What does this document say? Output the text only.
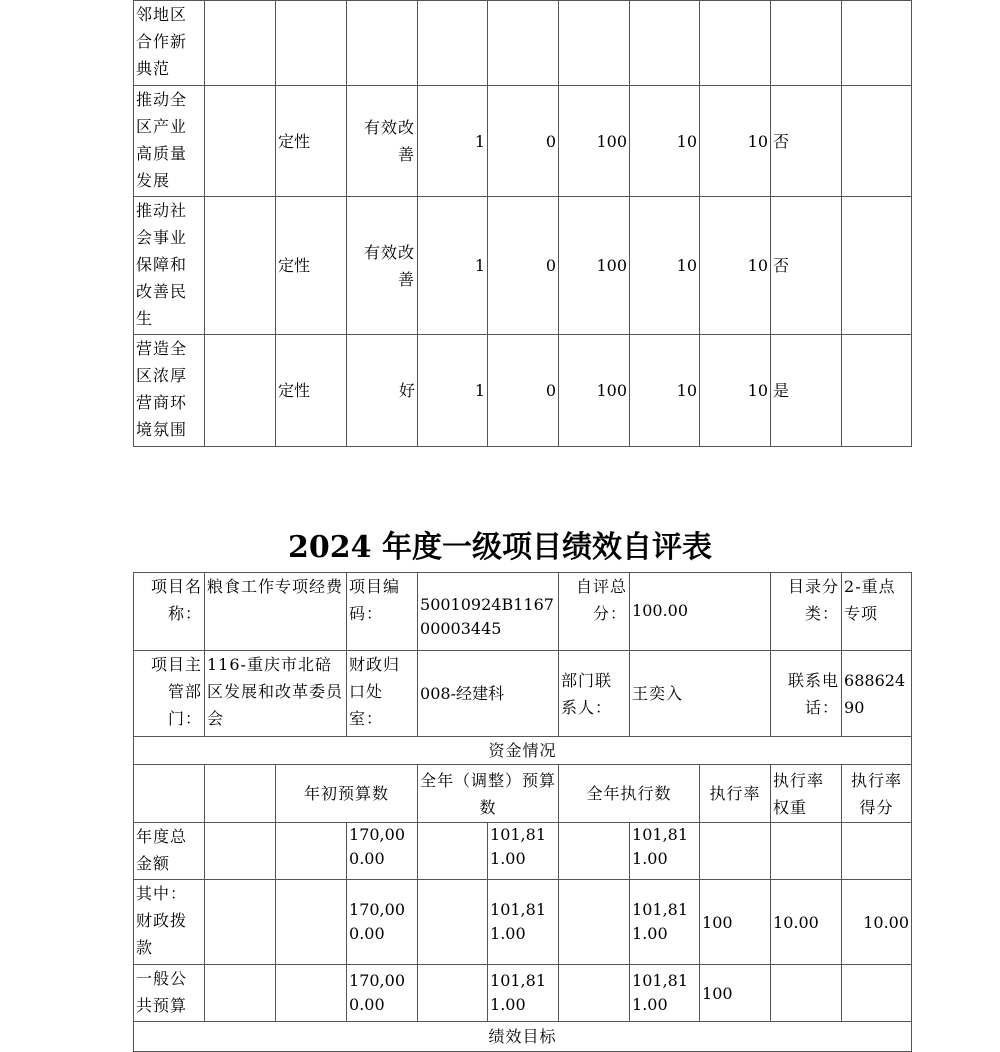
邻地区合作新典范										
推动全区产业高质量发展		定性	有效改善	1	0	100	10	10	否	
推动社会事业保障和改善民生		定性	有效改善	1	0	100	10	10	否	
营造全区浓厚营商环境氛围		定性	好	1	0	100	10	10	是	
2024 年度一级项目绩效自评表
项目名称：	粮食工作专项经费		项目编码：	50010924B116700003445		自评总分：	100.00		目录分类：	2-重点专项
项目主管部门：	116-重庆市北碚区发展和改革委员会		财政归口处室：	008-经建科		部门联系人：	王奕入		联系电话：	68862490
资金情况										
		年初预算数		全年（调整）预算数		全年执行数		执行率	执行率权重	执行率得分
年度总金额			170,000.00		101,811.00		101,811.00			
其中：财政拨款			170,000.00		101,811.00		101,811.00	100	10.00	10.00
一般公共预算			170,000.00		101,811.00		101,811.00	100		
绩效目标										
